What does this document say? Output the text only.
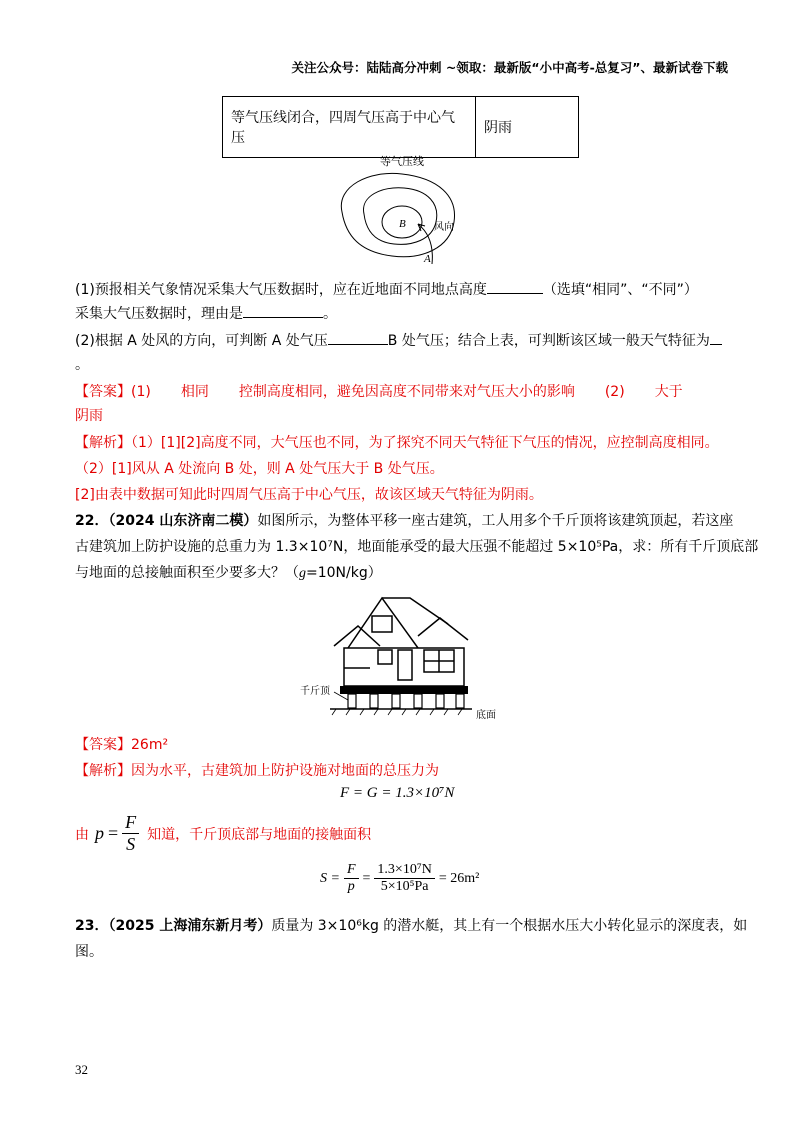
关注公众号：陆陆高分冲刺 ~领取：最新版“小中高考-总复习”、最新试卷下载
等气压线闭合，四周气压高于中心气压	阴雨
等气压线
B	风向
A
(1)预报相关气象情况采集大气压数据时，应在近地面不同地点高度	（选填“相同”、“不同”）
采集大气压数据时，理由是	。
(2)根据 A 处风的方向，可判断 A 处气压	B 处气压；结合上表，可判断该区域一般天气特征为
。
【答案】(1) 相同 控制高度相同，避免因高度不同带来对气压大小的影响 (2) 大于
阴雨
【解析】（1）[1][2]高度不同，大气压也不同，为了探究不同天气特征下气压的情况，应控制高度相同。
（2）[1]风从 A 处流向 B 处，则 A 处气压大于 B 处气压。
[2]由表中数据可知此时四周气压高于中心气压，故该区域天气特征为阴雨。
22．（2024 山东济南二模）如图所示，为整体平移一座古建筑，工人用多个千斤顶将该建筑顶起，若这座
古建筑加上防护设施的总重力为 1.3×10⁷N，地面能承受的最大压强不能超过 5×10⁵Pa，求：所有千斤顶底部
与地面的总接触面积至少要多大？（g=10N/kg）
千斤顶
底面
【答案】26m²
【解析】因为水平，古建筑加上防护设施对地面的总压力为
F = G = 1.3×10⁷N
由 $p = \frac{F}{S}$ 知道，千斤顶底部与地面的接触面积
$S = \frac{F}{p} = \frac{\text{1.3×10⁷N}}{\text{5×10⁵Pa}} = 26m^2$
23．（2025 上海浦东新月考）质量为 3×10⁶kg 的潜水艇，其上有一个根据水压大小转化显示的深度表，如
图。
32
